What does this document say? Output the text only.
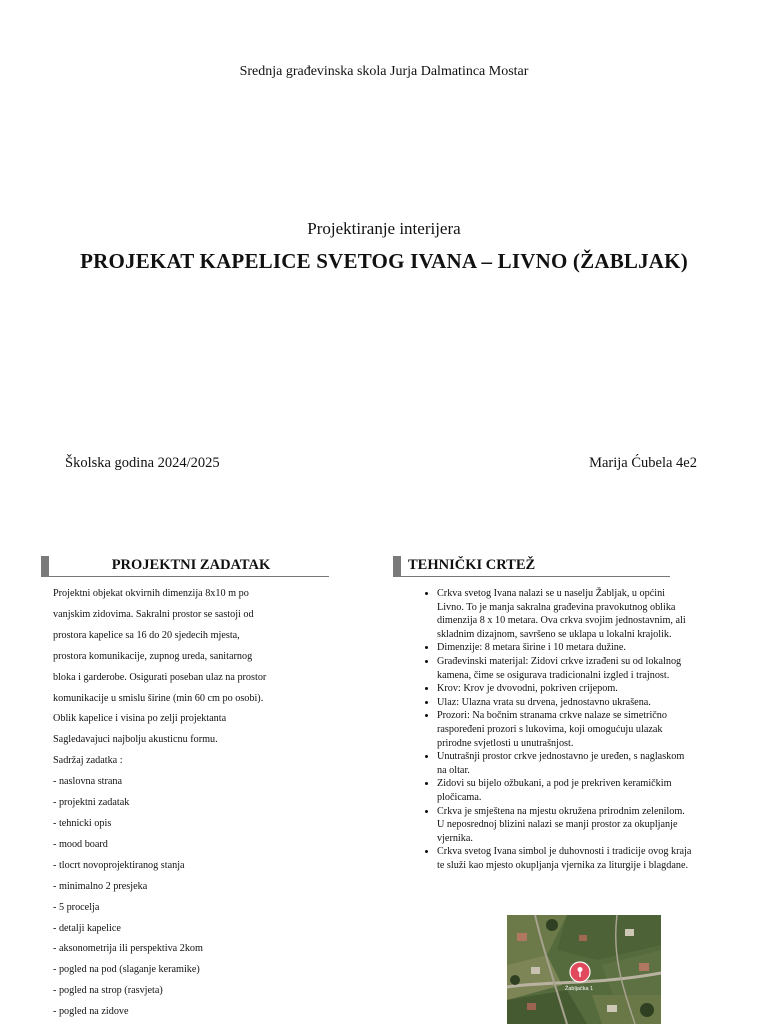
Srednja građevinska skola Jurja Dalmatinca Mostar
Projektiranje interijera
PROJEKAT KAPELICE SVETOG IVANA – LIVNO (ŽABLJAK)
Školska godina 2024/2025	Marija Ćubela 4e2
PROJEKTNI ZADATAK
Projektni objekat okvirnih dimenzija 8x10 m po
vanjskim zidovima. Sakralni prostor se sastoji od
prostora kapelice sa 16 do 20 sjedecih mjesta,
prostora komunikacije, zupnog ureda, sanitarnog
bloka i garderobe. Osigurati poseban ulaz na prostor
komunikacije u smislu širine (min 60 cm po osobi).
Oblik kapelice i visina po zelji projektanta
Sagledavajuci najbolju akusticnu formu.
Sadržaj zadatka :
- naslovna strana
- projektni zadatak
- tehnicki opis
- mood board
- tlocrt novoprojektiranog stanja
- minimalno 2 presjeka
- 5 procelja
- detalji kapelice
- aksonometrija ili perspektiva 2kom
- pogled na pod (slaganje keramike)
- pogled na strop (rasvjeta)
- pogled na zidove
TEHNIČKI CRTEŽ
• Crkva svetog Ivana nalazi se u naselju Žabljak, u općini Livno. To je manja sakralna građevina pravokutnog oblika dimenzija 8 x 10 metara. Ova crkva svojim jednostavnim, ali skladnim dizajnom, savršeno se uklapa u lokalni krajolik.
• Dimenzije: 8 metara širine i 10 metara dužine.
• Građevinski materijal: Zidovi crkve izrađeni su od lokalnog kamena, čime se osigurava tradicionalni izgled i trajnost.
• Krov: Krov je dvovodni, pokriven crijepom.
• Ulaz: Ulazna vrata su drvena, jednostavno ukrašena.
• Prozori: Na bočnim stranama crkve nalaze se simetrično raspoređeni prozori s lukovima, koji omogućuju ulazak prirodne svjetlosti u unutrašnjost.
• Unutrašnji prostor crkve jednostavno je uređen, s naglaskom na oltar.
• Zidovi su bijelo ožbukani, a pod je prekriven keramičkim pločicama.
• Crkva je smještena na mjestu okružena prirodnim zelenilom. U neposrednoj blizini nalazi se manji prostor za okupljanje vjernika.
• Crkva svetog Ivana simbol je duhovnosti i tradicije ovog kraja te služi kao mjesto okupljanja vjernika za liturgije i blagdane.
Žabljačka 1
